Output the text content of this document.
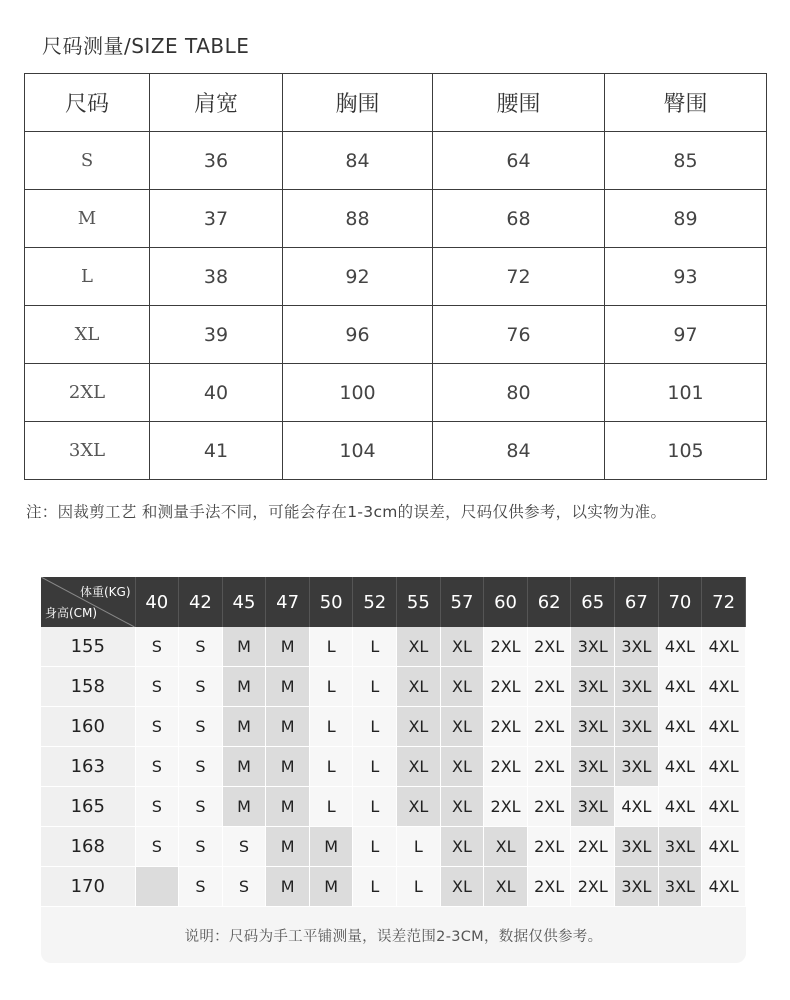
尺码测量/SIZE TABLE
尺码	肩宽	胸围	腰围	臀围
S	36	84	64	85
M	37	88	68	89
L	38	92	72	93
XL	39	96	76	97
2XL	40	100	80	101
3XL	41	104	84	105
注：因裁剪工艺 和测量手法不同，可能会存在1-3cm的误差，尺码仅供参考，以实物为准。
体重(KG)
身高(CM)	40	42	45	47	50	52	55	57	60	62	65	67	70	72
155	S	S	M	M	L	L	XL	XL	2XL	2XL	3XL	3XL	4XL	4XL
158	S	S	M	M	L	L	XL	XL	2XL	2XL	3XL	3XL	4XL	4XL
160	S	S	M	M	L	L	XL	XL	2XL	2XL	3XL	3XL	4XL	4XL
163	S	S	M	M	L	L	XL	XL	2XL	2XL	3XL	3XL	4XL	4XL
165	S	S	M	M	L	L	XL	XL	2XL	2XL	3XL	4XL	4XL	4XL
168	S	S	S	M	M	L	L	XL	XL	2XL	2XL	3XL	3XL	4XL
170		S	S	M	M	L	L	XL	XL	2XL	2XL	3XL	3XL	4XL
说明：尺码为手工平铺测量，误差范围2-3CM，数据仅供参考。
